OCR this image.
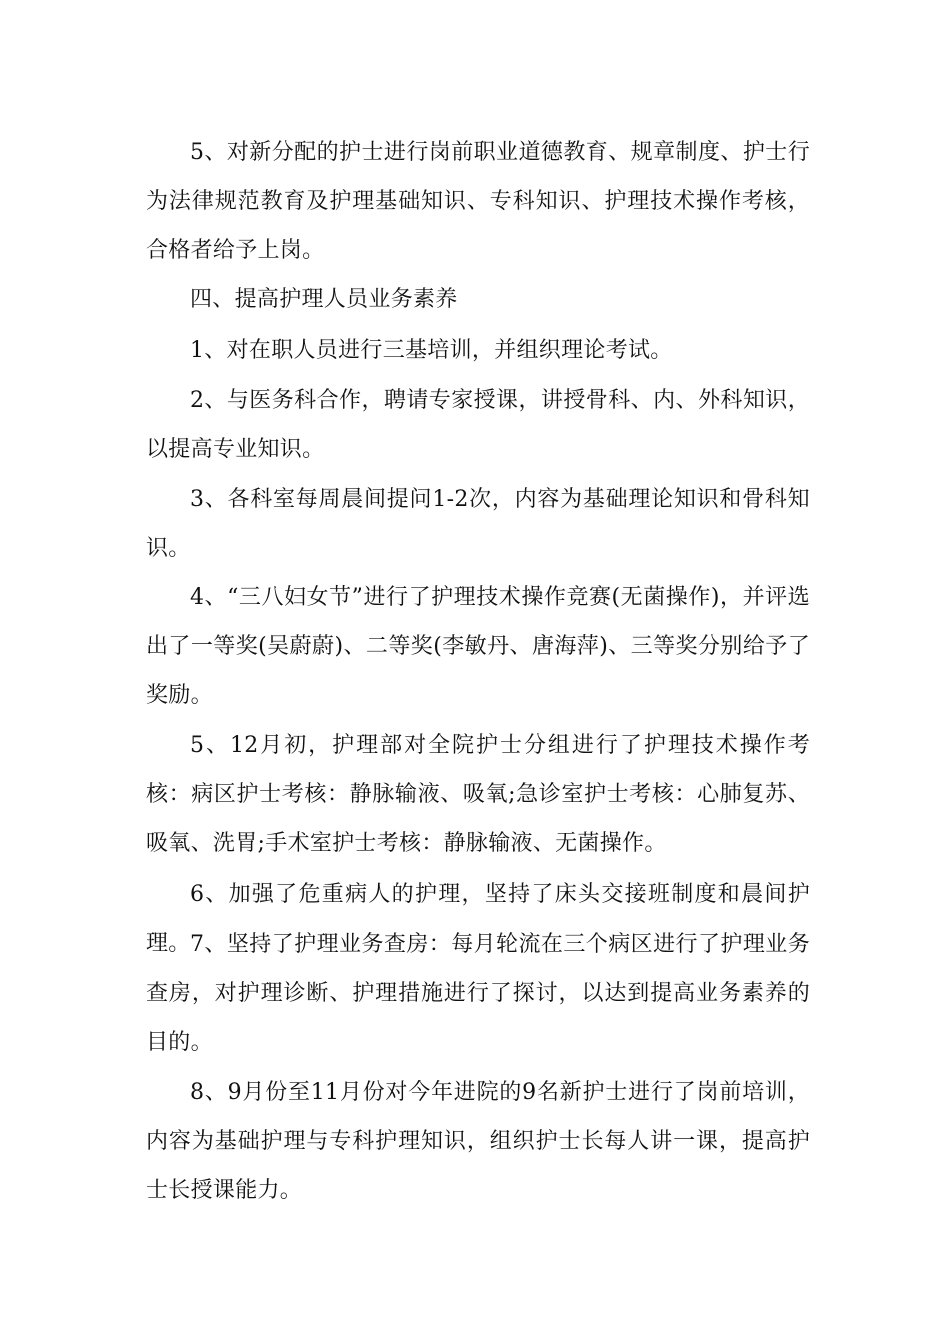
5、对新分配的护士进行岗前职业道德教育、规章制度、护士行为法律规范教育及护理基础知识、专科知识、护理技术操作考核，合格者给予上岗。

四、提高护理人员业务素养

1、对在职人员进行三基培训，并组织理论考试。

2、与医务科合作，聘请专家授课，讲授骨科、内、外科知识，以提高专业知识。

3、各科室每周晨间提问1-2次，内容为基础理论知识和骨科知识。

4、“三八妇女节”进行了护理技术操作竞赛(无菌操作)，并评选出了一等奖(吴蔚蔚)、二等奖(李敏丹、唐海萍)、三等奖分别给予了奖励。

5、12月初，护理部对全院护士分组进行了护理技术操作考核：病区护士考核：静脉输液、吸氧;急诊室护士考核：心肺复苏、吸氧、洗胃;手术室护士考核：静脉输液、无菌操作。

6、加强了危重病人的护理，坚持了床头交接班制度和晨间护理。 7、坚持了护理业务查房：每月轮流在三个病区进行了护理业务查房，对护理诊断、护理措施进行了探讨，以达到提高业务素养的目的。

8、9月份至11月份对今年进院的9名新护士进行了岗前培训，内容为基础护理与专科护理知识，组织护士长每人讲一课，提高护士长授课能力。
